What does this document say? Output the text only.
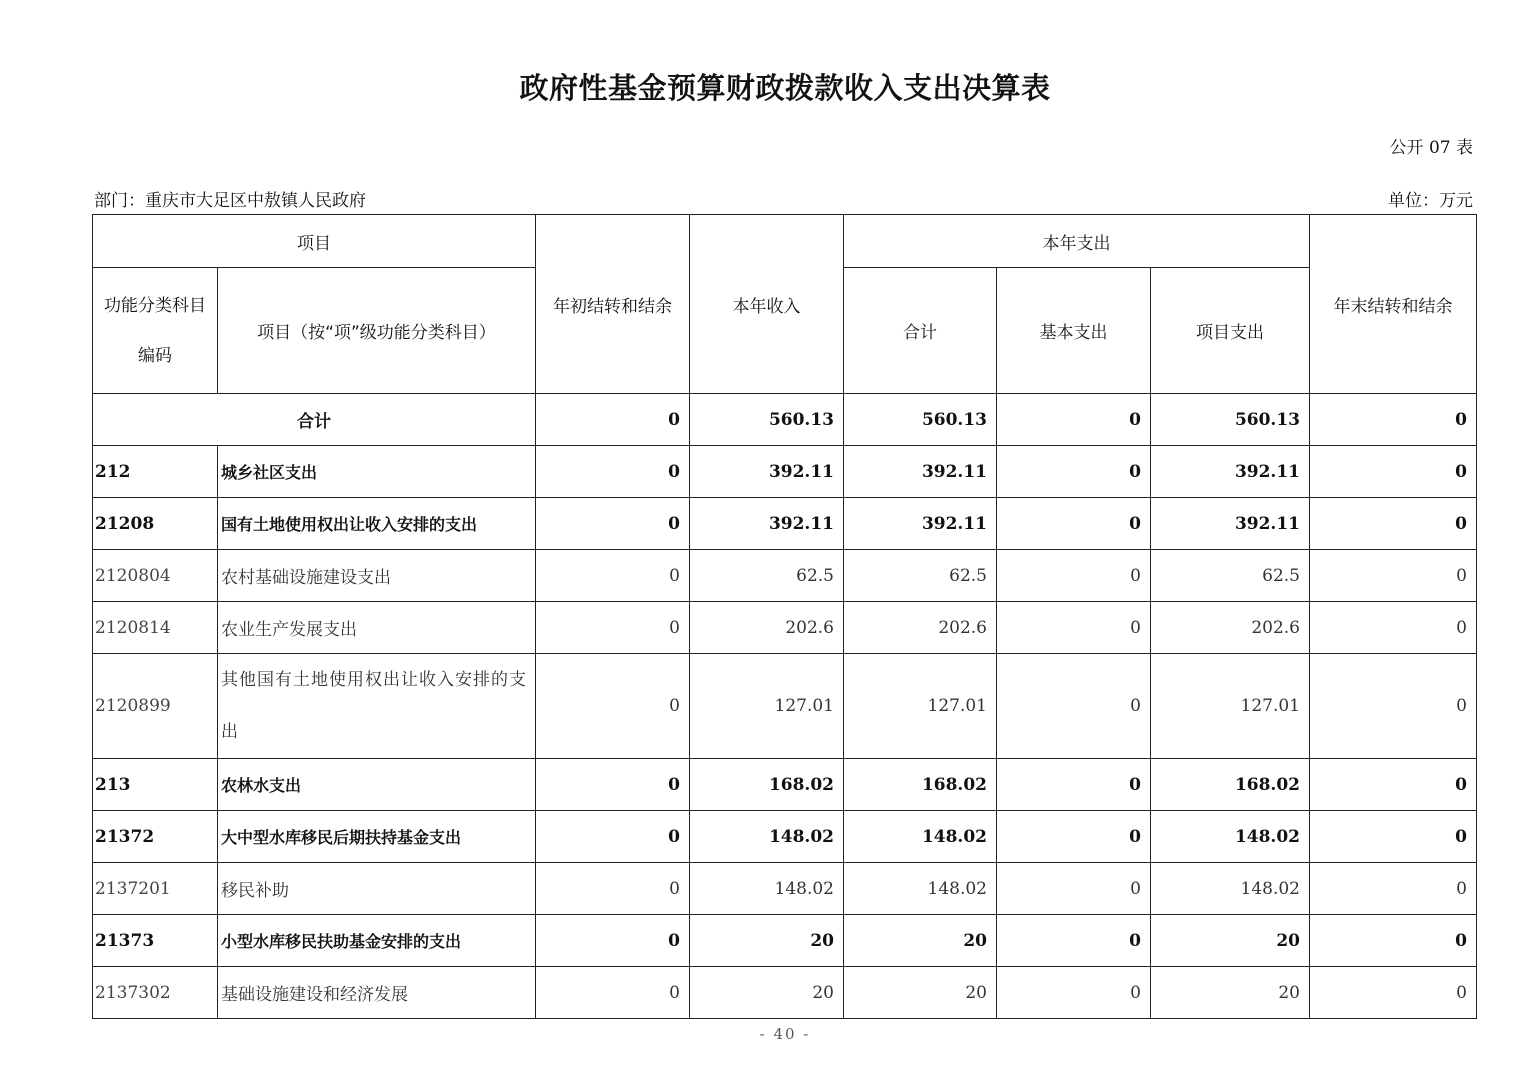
政府性基金预算财政拨款收入支出决算表
公开 07 表
部门：重庆市大足区中敖镇人民政府	单位：万元
项目		年初结转和结余	本年收入	本年支出			年末结转和结余
功能分类科目编码	项目（按“项”级功能分类科目）			合计	基本支出	项目支出	
合计		0	560.13	560.13	0	560.13	0
212	城乡社区支出	0	392.11	392.11	0	392.11	0
21208	国有土地使用权出让收入安排的支出	0	392.11	392.11	0	392.11	0
2120804	农村基础设施建设支出	0	62.5	62.5	0	62.5	0
2120814	农业生产发展支出	0	202.6	202.6	0	202.6	0
2120899	其他国有土地使用权出让收入安排的支出	0	127.01	127.01	0	127.01	0
213	农林水支出	0	168.02	168.02	0	168.02	0
21372	大中型水库移民后期扶持基金支出	0	148.02	148.02	0	148.02	0
2137201	移民补助	0	148.02	148.02	0	148.02	0
21373	小型水库移民扶助基金安排的支出	0	20	20	0	20	0
2137302	基础设施建设和经济发展	0	20	20	0	20	0
- 40 -
